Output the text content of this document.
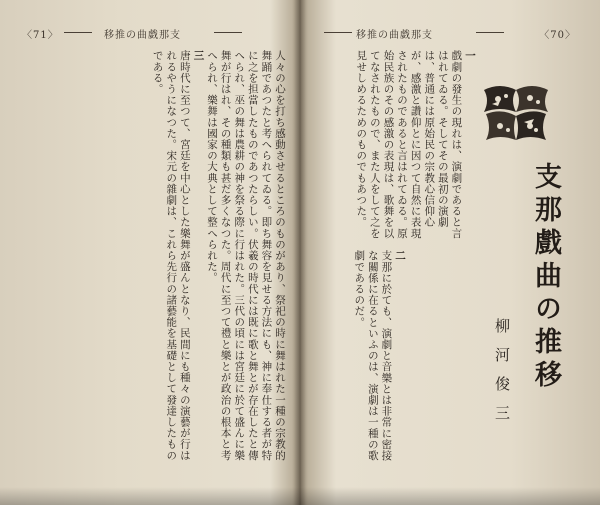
〈71〉	移推の曲戯那支
人々の心を打ち感動させるところのものがあり、祭祀の時に舞はれた一種の宗教的舞踊であつたと考へられてゐる。即ち舞容を見せる方法にも、神に奉仕する者が特に之を担當したものであつたらしい。伏羲の時代には既に歌と舞とが存在したと傳へられ、巫の舞は農耕の神を祭る際に行はれた。三代の頃には宮廷に於て盛んに樂舞が行はれ、その種類も甚だ多くなつた。周代に至つて禮と樂とが政治の根本と考へられ、樂舞は國家の大典として整へられた。
三
唐時代に至つて、宮廷を中心とした樂舞が盛んとなり、民間にも種々の演藝が行はれるやうになつた。宋元の雜劇は、これら先行の諸藝能を基礎として發達したものである。
移推の曲戯那支	〈70〉
一
戲劇の發生の現れは、演劇であると言はれてゐる。そしてその最初の演劇は、普通には原始民の宗教心信仰心が、感激と讚仰とに因つて自然に表現されたものであると言はれてゐる。原始民族のその感激の表現は、歌舞を以てなされたもので、また人をして之を見せしめるためのものでもあつた。
二
支那に於ても、演劇と音樂とは非常に密接な關係に在るといふのは、演劇は一種の歌劇であるのだ。	支那戲曲の推移
柳河俊三
